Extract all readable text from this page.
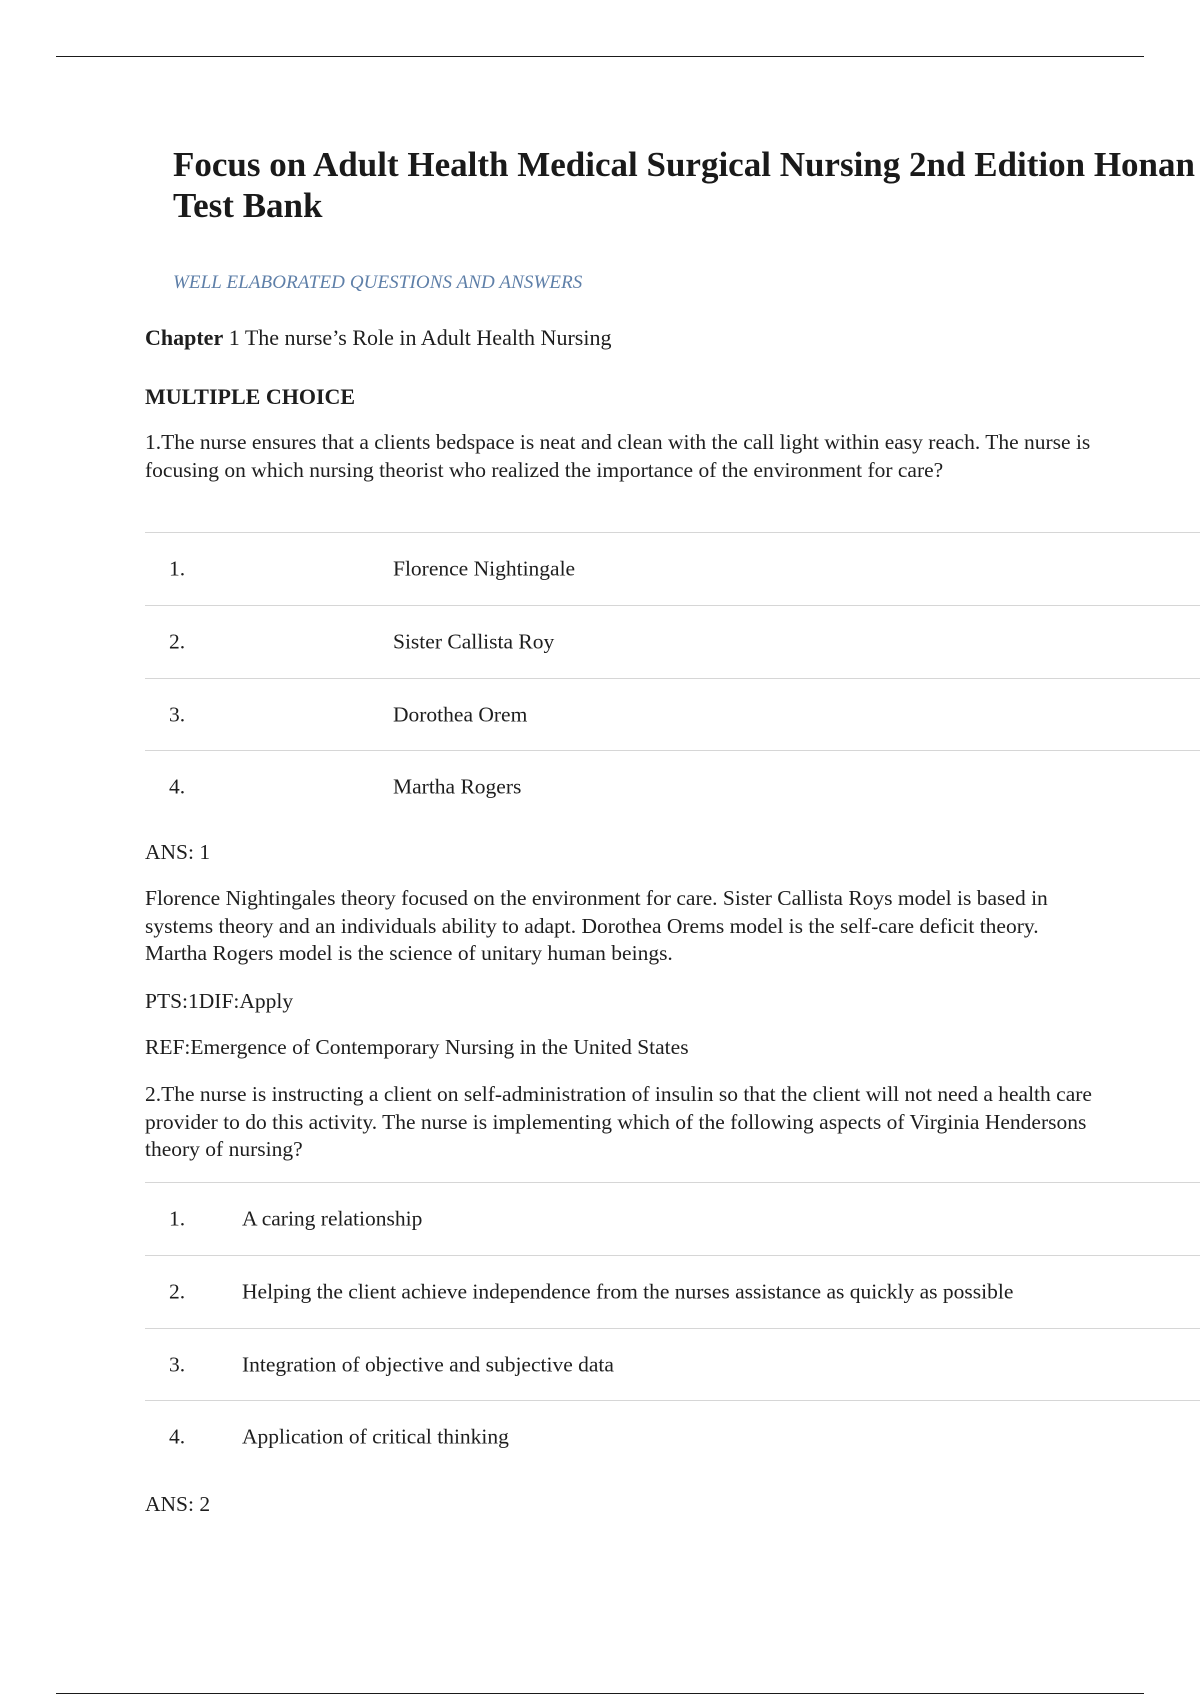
Focus on Adult Health Medical Surgical Nursing 2nd Edition Honan
Test Bank
WELL ELABORATED QUESTIONS AND ANSWERS
Chapter 1 The nurse’s Role in Adult Health Nursing
MULTIPLE CHOICE

1.The nurse ensures that a clients bedspace is neat and clean with the call light within easy reach. The nurse is focusing on which nursing theorist who realized the importance of the environment for care?

1.	Florence Nightingale
2.	Sister Callista Roy
3.	Dorothea Orem
4.	Martha Rogers
ANS: 1

Florence Nightingales theory focused on the environment for care. Sister Callista Roys model is based in systems theory and an individuals ability to adapt. Dorothea Orems model is the self-care deficit theory. Martha Rogers model is the science of unitary human beings.

PTS:1DIF:Apply
REF:Emergence of Contemporary Nursing in the United States

2.The nurse is instructing a client on self-administration of insulin so that the client will not need a health care provider to do this activity. The nurse is implementing which of the following aspects of Virginia Hendersons theory of nursing?

1.	A caring relationship
2.	Helping the client achieve independence from the nurses assistance as quickly as possible
3.	Integration of objective and subjective data
4.	Application of critical thinking
ANS: 2
